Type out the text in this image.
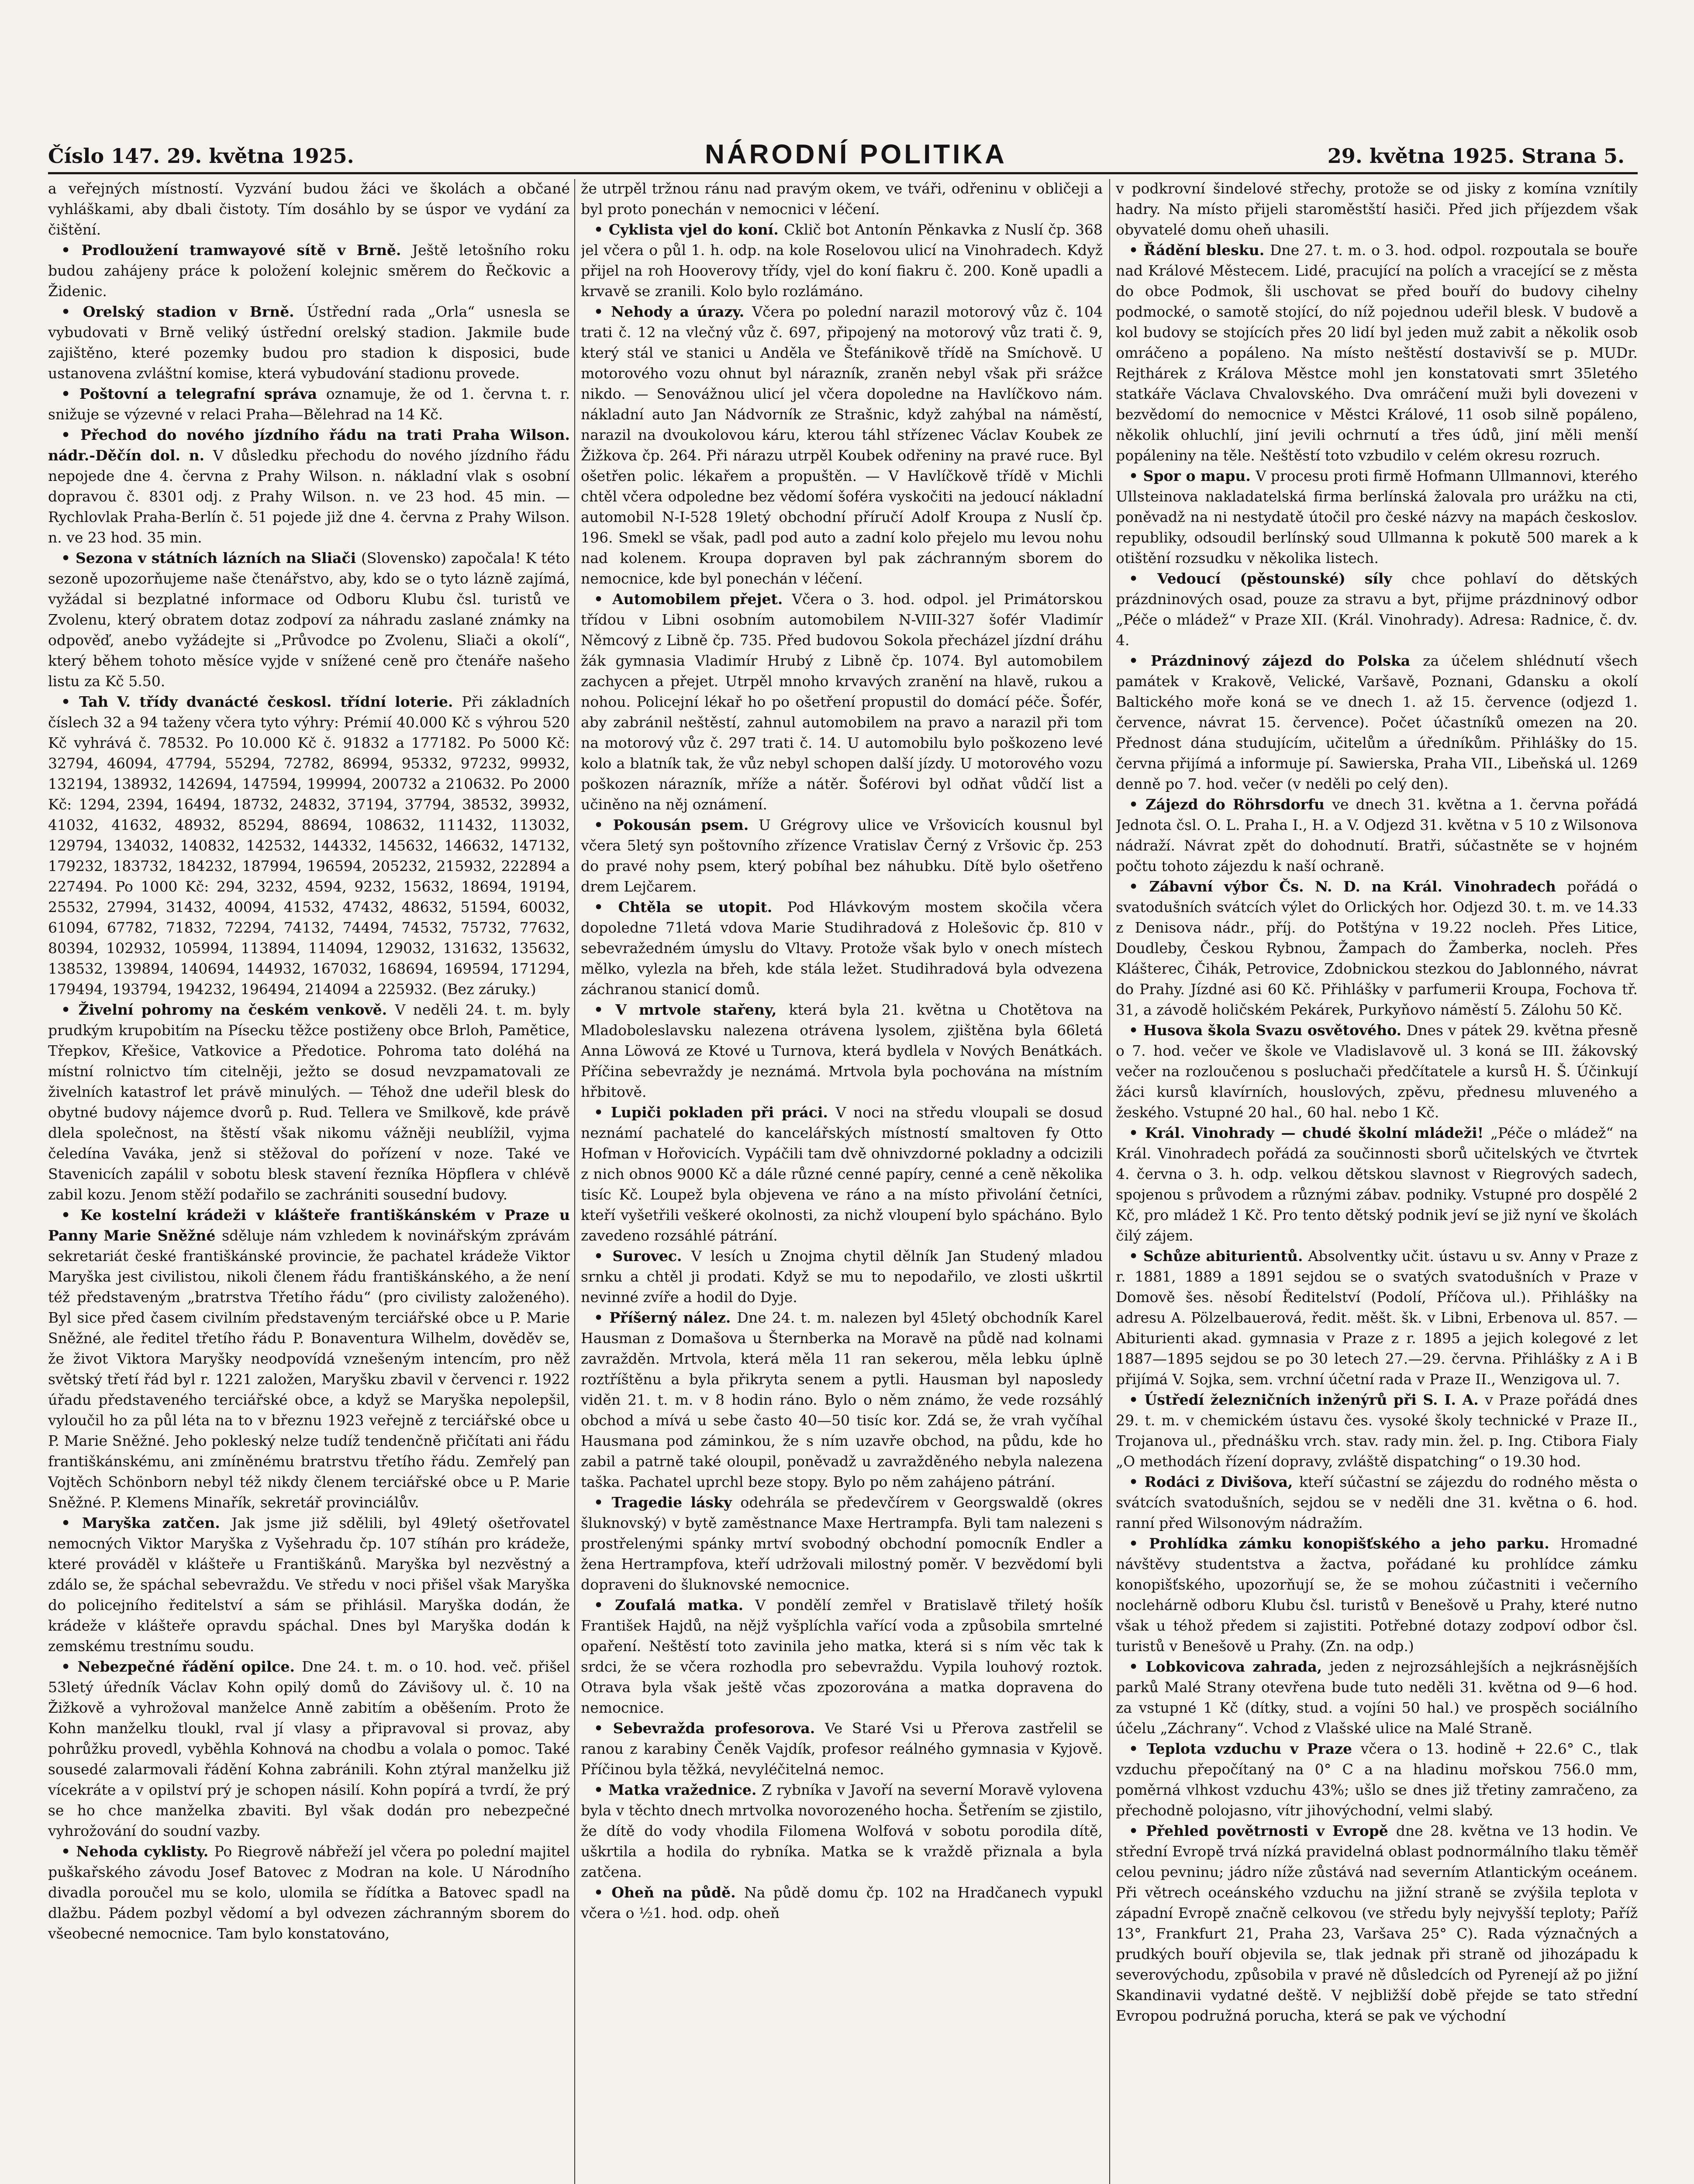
Číslo 147. 29. května 1925.	NÁRODNÍ POLITIKA	29. května 1925. Strana 5.

a veřejných místností. Vyzvání budou žáci ve školách a občané vyhláškami, aby dbali čistoty. Tím dosáhlo by se úspor ve vydání za čištění.

• Prodloužení tramwayové sítě v Brně. Ještě letošního roku budou zahájeny práce k položení kolejnic směrem do Řečkovic a Židenic.

• Orelský stadion v Brně. Ústřední rada „Orla“ usnesla se vybudovati v Brně veliký ústřední orelský stadion. Jakmile bude zajištěno, které pozemky budou pro stadion k disposici, bude ustanovena zvláštní komise, která vybudování stadionu provede.

• Poštovní a telegrafní správa oznamuje, že od 1. června t. r. snižuje se výzevné v relaci Praha—Bělehrad na 14 Kč.

• Přechod do nového jízdního řádu na trati Praha Wilson. nádr.-Děčín dol. n. V důsledku přechodu do nového jízdního řádu nepojede dne 4. června z Prahy Wilson. n. nákladní vlak s osobní dopravou č. 8301 odj. z Prahy Wilson. n. ve 23 hod. 45 min. — Rychlovlak Praha-Berlín č. 51 pojede již dne 4. června z Prahy Wilson. n. ve 23 hod. 35 min.

• Sezona v státních lázních na Sliači (Slovensko) započala! K této sezoně upozorňujeme naše čtenářstvo, aby, kdo se o tyto lázně zajímá, vyžádal si bezplatné informace od Odboru Klubu čsl. turistů ve Zvolenu, který obratem dotaz zodpoví za náhradu zaslané známky na odpověď, anebo vyžádejte si „Průvodce po Zvolenu, Sliači a okolí“, který během tohoto měsíce vyjde v snížené ceně pro čtenáře našeho listu za Kč 5.50.

• Tah V. třídy dvanácté českosl. třídní loterie. Při základních číslech 32 a 94 taženy včera tyto výhry: Prémií 40.000 Kč s výhrou 520 Kč vyhrává č. 78532. Po 10.000 Kč č. 91832 a 177182. Po 5000 Kč: 32794, 46094, 47794, 55294, 72782, 86994, 95332, 97232, 99932, 132194, 138932, 142694, 147594, 199994, 200732 a 210632. Po 2000 Kč: 1294, 2394, 16494, 18732, 24832, 37194, 37794, 38532, 39932, 41032, 41632, 48932, 85294, 88694, 108632, 111432, 113032, 129794, 134032, 140832, 142532, 144332, 145632, 146632, 147132, 179232, 183732, 184232, 187994, 196594, 205232, 215932, 222894 a 227494. Po 1000 Kč: 294, 3232, 4594, 9232, 15632, 18694, 19194, 25532, 27994, 31432, 40094, 41532, 47432, 48632, 51594, 60032, 61094, 67782, 71832, 72294, 74132, 74494, 74532, 75732, 77632, 80394, 102932, 105994, 113894, 114094, 129032, 131632, 135632, 138532, 139894, 140694, 144932, 167032, 168694, 169594, 171294, 179494, 193794, 194232, 196494, 214094 a 225932. (Bez záruky.)

• Živelní pohromy na českém venkově. V neděli 24. t. m. byly prudkým krupobitím na Písecku těžce postiženy obce Brloh, Pamětice, Třepkov, Křešice, Vatkovice a Předotice. Pohroma tato doléhá na místní rolnictvo tím citelněji, ježto se dosud nevzpamatovali ze živelních katastrof let právě minulých. — Téhož dne udeřil blesk do obytné budovy nájemce dvorů p. Rud. Tellera ve Smilkově, kde právě dlela společnost, na štěstí však nikomu vážněji neublížil, vyjma čeledína Vaváka, jenž si stěžoval do pořízení v noze. Také ve Stavenicích zapálil v sobotu blesk stavení řezníka Höpflera v chlévě zabil kozu. Jenom stěží podařilo se zachrániti sousední budovy.

• Ke kostelní krádeži v klášteře františkánském v Praze u Panny Marie Sněžné sděluje nám vzhledem k novinářským zprávám sekretariát české františkánské provincie, že pachatel krádeže Viktor Maryška jest civilistou, nikoli členem řádu františkánského, a že není též představeným „bratrstva Třetího řádu“ (pro civilisty založeného). Byl sice před časem civilním představeným terciářské obce u P. Marie Sněžné, ale ředitel třetího řádu P. Bonaventura Wilhelm, dověděv se, že život Viktora Maryšky neodpovídá vznešeným intencím, pro něž světský třetí řád byl r. 1221 založen, Maryšku zbavil v červenci r. 1922 úřadu představeného terciářské obce, a když se Maryška nepolepšil, vyloučil ho za půl léta na to v březnu 1923 veřejně z terciářské obce u P. Marie Sněžné. Jeho pokleský nelze tudíž tendenčně přičítati ani řádu františkánskému, ani zmíněnému bratrstvu třetího řádu. Zemřelý pan Vojtěch Schönborn nebyl též nikdy členem terciářské obce u P. Marie Sněžné. P. Klemens Minařík, sekretář provinciálův.

• Maryška zatčen. Jak jsme již sdělili, byl 49letý ošetřovatel nemocných Viktor Maryška z Vyšehradu čp. 107 stíhán pro krádeže, které prováděl v klášteře u Františkánů. Maryška byl nezvěstný a zdálo se, že spáchal sebevraždu. Ve středu v noci přišel však Maryška do policejního ředitelství a sám se přihlásil. Maryška dodán, že krádeže v klášteře opravdu spáchal. Dnes byl Maryška dodán k zemskému trestnímu soudu.

• Nebezpečné řádění opilce. Dne 24. t. m. o 10. hod. več. přišel 53letý úředník Václav Kohn opilý domů do Závišovy ul. č. 10 na Žižkově a vyhrožoval manželce Anně zabitím a oběšením. Proto že Kohn manželku tloukl, rval jí vlasy a připravoval si provaz, aby pohrůžku provedl, vyběhla Kohnová na chodbu a volala o pomoc. Také sousedé zalarmovali řádění Kohna zabránili. Kohn ztýral manželku již vícekráte a v opilství prý je schopen násilí. Kohn popírá a tvrdí, že prý se ho chce manželka zbaviti. Byl však dodán pro nebezpečné vyhrožování do soudní vazby.

• Nehoda cyklisty. Po Riegrově nábřeží jel včera po polední majitel puškařského závodu Josef Batovec z Modran na kole. U Národního divadla poroučel mu se kolo, ulomila se řídítka a Batovec spadl na dlažbu. Pádem pozbyl vědomí a byl odvezen záchranným sborem do všeobecné nemocnice. Tam bylo konstatováno,

že utrpěl tržnou ránu nad pravým okem, ve tváři, odřeninu v obličeji a byl proto ponechán v nemocnici v léčení.

• Cyklista vjel do koní. Cklič bot Antonín Pěnkavka z Nuslí čp. 368 jel včera o půl 1. h. odp. na kole Roselovou ulicí na Vinohradech. Když přijel na roh Hooverovy třídy, vjel do koní fiakru č. 200. Koně upadli a krvavě se zranili. Kolo bylo rozlámáno.

• Nehody a úrazy. Včera po polední narazil motorový vůz č. 104 trati č. 12 na vlečný vůz č. 697, připojený na motorový vůz trati č. 9, který stál ve stanici u Anděla ve Štefánikově třídě na Smíchově. U motorového vozu ohnut byl nárazník, zraněn nebyl však při srážce nikdo. — Senovážnou ulicí jel včera dopoledne na Havlíčkovo nám. nákladní auto Jan Nádvorník ze Strašnic, když zahýbal na náměstí, narazil na dvoukolovou káru, kterou táhl střízenec Václav Koubek ze Žižkova čp. 264. Při nárazu utrpěl Koubek odřeniny na pravé ruce. Byl ošetřen polic. lékařem a propuštěn. — V Havlíčkově třídě v Michli chtěl včera odpoledne bez vědomí šoféra vyskočiti na jedoucí nákladní automobil N-I-528 19letý obchodní příručí Adolf Kroupa z Nuslí čp. 196. Smekl se však, padl pod auto a zadní kolo přejelo mu levou nohu nad kolenem. Kroupa dopraven byl pak záchranným sborem do nemocnice, kde byl ponechán v léčení.

• Automobilem přejet. Včera o 3. hod. odpol. jel Primátorskou třídou v Libni osobním automobilem N-VIII-327 šofér Vladimír Němcový z Libně čp. 735. Před budovou Sokola přecházel jízdní dráhu žák gymnasia Vladimír Hrubý z Libně čp. 1074. Byl automobilem zachycen a přejet. Utrpěl mnoho krvavých zranění na hlavě, rukou a nohou. Policejní lékař ho po ošetření propustil do domácí péče. Šofér, aby zabránil neštěstí, zahnul automobilem na pravo a narazil při tom na motorový vůz č. 297 trati č. 14. U automobilu bylo poškozeno levé kolo a blatník tak, že vůz nebyl schopen další jízdy. U motorového vozu poškozen nárazník, mříže a nátěr. Šoférovi byl odňat vůdčí list a učiněno na něj oznámení.

• Pokousán psem. U Grégrovy ulice ve Vršovicích kousnul byl včera 5letý syn poštovního zřízence Vratislav Černý z Vršovic čp. 253 do pravé nohy psem, který pobíhal bez náhubku. Dítě bylo ošetřeno drem Lejčarem.

• Chtěla se utopit. Pod Hlávkovým mostem skočila včera dopoledne 71letá vdova Marie Studihradová z Holešovic čp. 810 v sebevražedném úmyslu do Vltavy. Protože však bylo v onech místech mělko, vylezla na břeh, kde stála ležet. Studihradová byla odvezena záchranou stanicí domů.

• V mrtvole stařeny, která byla 21. května u Chotětova na Mladoboleslavsku nalezena otrávena lysolem, zjištěna byla 66letá Anna Löwová ze Ktové u Turnova, která bydlela v Nových Benátkách. Příčina sebevraždy je neznámá. Mrtvola byla pochována na místním hřbitově.

• Lupiči pokladen při práci. V noci na středu vloupali se dosud neznámí pachatelé do kancelářských místností smaltoven fy Otto Hofman v Hořovicích. Vypáčili tam dvě ohnivzdorné pokladny a odcizili z nich obnos 9000 Kč a dále různé cenné papíry, cenné a ceně několika tisíc Kč. Loupež byla objevena ve ráno a na místo přivolání četníci, kteří vyšetřili veškeré okolnosti, za nichž vloupení bylo spácháno. Bylo zavedeno rozsáhlé pátrání.

• Surovec. V lesích u Znojma chytil dělník Jan Studený mladou srnku a chtěl ji prodati. Když se mu to nepodařilo, ve zlosti uškrtil nevinné zvíře a hodil do Dyje.

• Příšerný nález. Dne 24. t. m. nalezen byl 45letý obchodník Karel Hausman z Domašova u Šternberka na Moravě na půdě nad kolnami zavražděn. Mrtvola, která měla 11 ran sekerou, měla lebku úplně roztříštěnu a byla přikryta senem a pytli. Hausman byl naposledy viděn 21. t. m. v 8 hodin ráno. Bylo o něm známo, že vede rozsáhlý obchod a mívá u sebe často 40—50 tisíc kor. Zdá se, že vrah vyčíhal Hausmana pod záminkou, že s ním uzavře obchod, na půdu, kde ho zabil a patrně také oloupil, poněvadž u zavražděného nebyla nalezena taška. Pachatel uprchl beze stopy. Bylo po něm zahájeno pátrání.

• Tragedie lásky odehrála se předevčírem v Georgswaldě (okres šluknovský) v bytě zaměstnance Maxe Hertrampfa. Byli tam nalezeni s prostřelenými spánky mrtví svobodný obchodní pomocník Endler a žena Hertrampfova, kteří udržovali milostný poměr. V bezvědomí byli dopraveni do šluknovské nemocnice.

• Zoufalá matka. V pondělí zemřel v Bratislavě třiletý hošík František Hajdů, na nějž vyšplíchla vařící voda a způsobila smrtelné opaření. Neštěstí toto zavinila jeho matka, která si s ním věc tak k srdci, že se včera rozhodla pro sebevraždu. Vypila louhový roztok. Otrava byla však ještě včas zpozorována a matka dopravena do nemocnice.

• Sebevražda profesorova. Ve Staré Vsi u Přerova zastřelil se ranou z karabiny Čeněk Vajdík, profesor reálného gymnasia v Kyjově. Příčinou byla těžká, nevyléčitelná nemoc.

• Matka vražednice. Z rybníka v Javoří na severní Moravě vylovena byla v těchto dnech mrtvolka novorozeného hocha. Šetřením se zjistilo, že dítě do vody vhodila Filomena Wolfová v sobotu porodila dítě, uškrtila a hodila do rybníka. Matka se k vraždě přiznala a byla zatčena.

• Oheň na půdě. Na půdě domu čp. 102 na Hradčanech vypukl včera o ½1. hod. odp. oheň

v podkrovní šindelové střechy, protože se od jisky z komína vznítily hadry. Na místo přijeli staroměstští hasiči. Před jich příjezdem však obyvatelé domu oheň uhasili.

• Řádění blesku. Dne 27. t. m. o 3. hod. odpol. rozpoutala se bouře nad Králové Městecem. Lidé, pracující na polích a vracející se z města do obce Podmok, šli uschovat se před bouří do budovy cihelny podmocké, o samotě stojící, do níž pojednou udeřil blesk. V budově a kol budovy se stojících přes 20 lidí byl jeden muž zabit a několik osob omráčeno a popáleno. Na místo neštěstí dostavivší se p. MUDr. Rejthárek z Králova Městce mohl jen konstatovati smrt 35letého statkáře Václava Chvalovského. Dva omráčení muži byli dovezeni v bezvědomí do nemocnice v Městci Králové, 11 osob silně popáleno, několik ohluchlí, jiní jevili ochrnutí a třes údů, jiní měli menší popáleniny na těle. Neštěstí toto vzbudilo v celém okresu rozruch.

• Spor o mapu. V procesu proti firmě Hofmann Ullmannovi, kterého Ullsteinova nakladatelská firma berlínská žalovala pro urážku na cti, poněvadž na ni nestydatě útočil pro české názvy na mapách českoslov. republiky, odsoudil berlínský soud Ullmanna k pokutě 500 marek a k otištění rozsudku v několika listech.

• Vedoucí (pěstounské) síly chce pohlaví do dětských prázdninových osad, pouze za stravu a byt, přijme prázdninový odbor „Péče o mládež“ v Praze XII. (Král. Vinohrady). Adresa: Radnice, č. dv. 4.

• Prázdninový zájezd do Polska za účelem shlédnutí všech památek v Krakově, Velické, Varšavě, Poznani, Gdansku a okolí Baltického moře koná se ve dnech 1. až 15. července (odjezd 1. července, návrat 15. července). Počet účastníků omezen na 20. Přednost dána studujícím, učitelům a úředníkům. Přihlášky do 15. června přijímá a informuje pí. Sawierska, Praha VII., Libeňská ul. 1269 denně po 7. hod. večer (v neděli po celý den).

• Zájezd do Röhrsdorfu ve dnech 31. května a 1. června pořádá Jednota čsl. O. L. Praha I., H. a V. Odjezd 31. května v 5 10 z Wilsonova nádraží. Návrat zpět do dohodnutí. Bratři, súčastněte se v hojném počtu tohoto zájezdu k naší ochraně.

• Zábavní výbor Čs. N. D. na Král. Vinohradech pořádá o svatodušních svátcích výlet do Orlických hor. Odjezd 30. t. m. ve 14.33 z Denisova nádr., příj. do Potštýna v 19.22 nocleh. Přes Litice, Doudleby, Českou Rybnou, Žampach do Žamberka, nocleh. Přes Klášterec, Čihák, Petrovice, Zdobnickou stezkou do Jablonného, návrat do Prahy. Jízdné asi 60 Kč. Přihlášky v parfumerii Kroupa, Fochova tř. 31, a závodě holičském Pekárek, Purkyňovo náměstí 5. Zálohu 50 Kč.

• Husova škola Svazu osvětového. Dnes v pátek 29. května přesně o 7. hod. večer ve škole ve Vladislavově ul. 3 koná se III. žákovský večer na rozloučenou s posluchači předčítatele a kursů H. Š. Účinkují žáci kursů klavírních, houslových, zpěvu, přednesu mluveného a žeského. Vstupné 20 hal., 60 hal. nebo 1 Kč.

• Král. Vinohrady — chudé školní mládeži! „Péče o mládež“ na Král. Vinohradech pořádá za součinnosti sborů učitelských ve čtvrtek 4. června o 3. h. odp. velkou dětskou slavnost v Riegrových sadech, spojenou s průvodem a různými zábav. podniky. Vstupné pro dospělé 2 Kč, pro mládež 1 Kč. Pro tento dětský podnik jeví se již nyní ve školách čilý zájem.

• Schůze abiturientů. Absolventky učit. ústavu u sv. Anny v Praze z r. 1881, 1889 a 1891 sejdou se o svatých svatodušních v Praze v Domově šes. něsobí Ředitelství (Podolí, Příčova ul.). Přihlášky na adresu A. Pölzelbauerová, ředit. měšt. šk. v Libni, Erbenova ul. 857. — Abiturienti akad. gymnasia v Praze z r. 1895 a jejich kolegové z let 1887—1895 sejdou se po 30 letech 27.—29. června. Přihlášky z A i B přijímá V. Sojka, sem. vrchní účetní rada v Praze II., Wenzigova ul. 7.

• Ústředí železničních inženýrů při S. I. A. v Praze pořádá dnes 29. t. m. v chemickém ústavu čes. vysoké školy technické v Praze II., Trojanova ul., přednášku vrch. stav. rady min. žel. p. Ing. Ctibora Fialy „O methodách řízení dopravy, zvláště dispatching“ o 19.30 hod.

• Rodáci z Divišova, kteří súčastní se zájezdu do rodného města o svátcích svatodušních, sejdou se v neděli dne 31. května o 6. hod. ranní před Wilsonovým nádražím.

• Prohlídka zámku konopišťského a jeho parku. Hromadné návštěvy studentstva a žactva, pořádané ku prohlídce zámku konopišťského, upozorňují se, že se mohou zúčastniti i večerního noclehárně odboru Klubu čsl. turistů v Benešově u Prahy, které nutno však u téhož předem si zajistiti. Potřebné dotazy zodpoví odbor čsl. turistů v Benešově u Prahy. (Zn. na odp.)

• Lobkovicova zahrada, jeden z nejrozsáhlejších a nejkrásnějších parků Malé Strany otevřena bude tuto neděli 31. května od 9—6 hod. za vstupné 1 Kč (dítky, stud. a vojíni 50 hal.) ve prospěch sociálního účelu „Záchrany“. Vchod z Vlašské ulice na Malé Straně.

• Teplota vzduchu v Praze včera o 13. hodině + 22.6° C., tlak vzduchu přepočítaný na 0° C a na hladinu mořskou 756.0 mm, poměrná vlhkost vzduchu 43%; ušlo se dnes již třetiny zamračeno, za přechodně polojasno, vítr jihovýchodní, velmi slabý.

• Přehled povětrnosti v Evropě dne 28. května ve 13 hodin. Ve střední Evropě trvá nízká pravidelná oblast podnormálního tlaku těměř celou pevninu; jádro níže zůstává nad severním Atlantickým oceánem. Při větrech oceánského vzduchu na jižní straně se zvýšila teplota v západní Evropě značně celkovou (ve středu byly nejvyšší teploty; Paříž 13°, Frankfurt 21, Praha 23, Varšava 25° C). Rada význačných a prudkých bouří objevila se, tlak jednak při straně od jihozápadu k severovýchodu, způsobila v pravé ně důsledcích od Pyrenejí až po jižní Skandinavii vydatné deště. V nejbližší době přejde se tato střední Evropou podružná porucha, která se pak ve východní
